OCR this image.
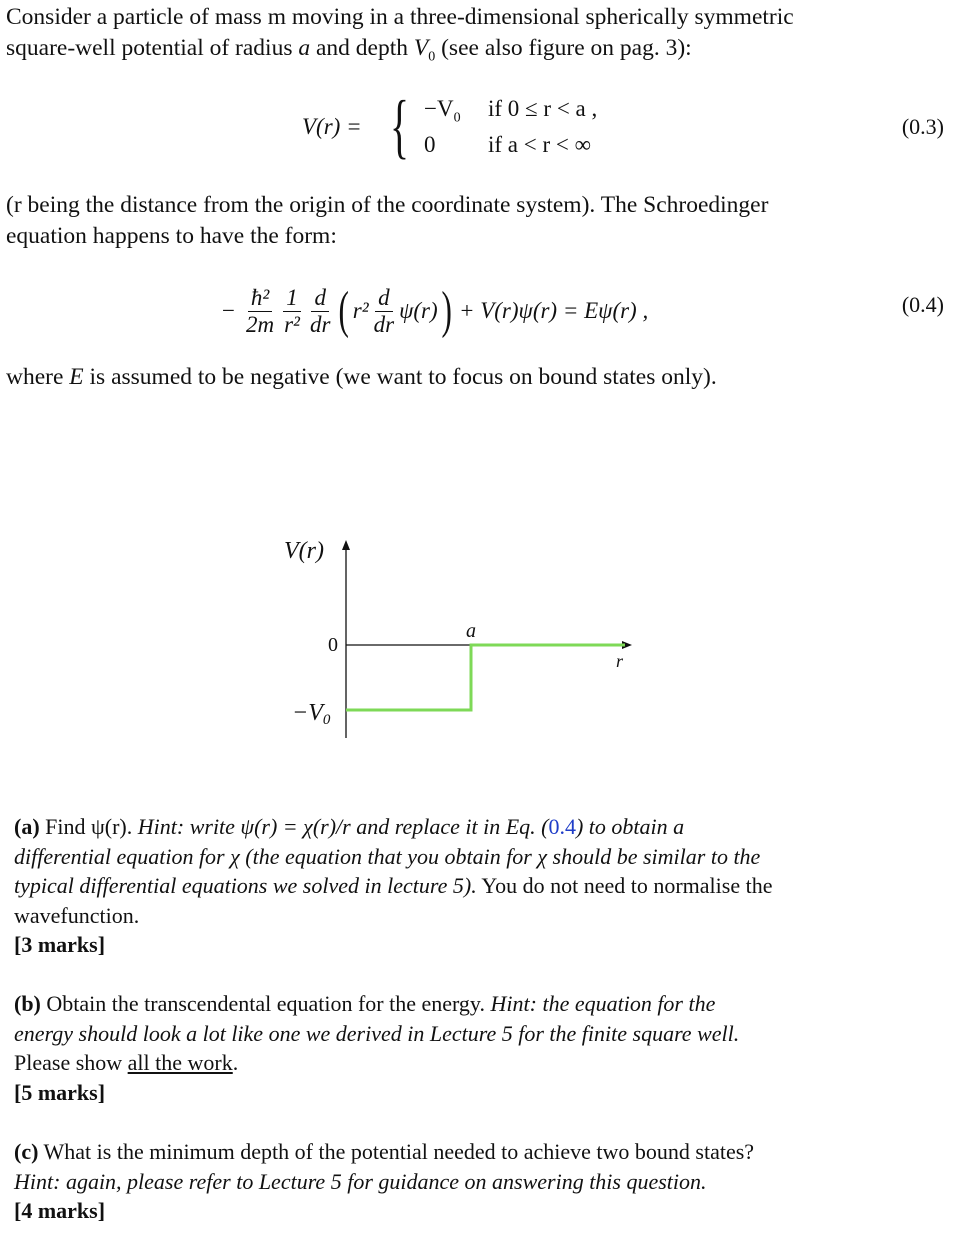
Consider a particle of mass m moving in a three-dimensional spherically symmetric
square-well potential of radius a and depth $V_0$ (see also figure on pag. 3):
V(r) = { $-V_0$ if 0 ≤ r < a ,
0 if a < r < ∞
(0.3)
(r being the distance from the origin of the coordinate system). The Schroedinger
equation happens to have the form:
− $\frac{\text{ħ²}}{2m} \frac{1}{\text{r²}} \frac{d}{dr}$ ( $r^2 \frac{d}{dr} \psi(r)$ ) + V(r)ψ(r) = Eψ(r) ,	(0.4)
where E is assumed to be negative (we want to focus on bound states only).
V(r)
0
−V0
a
r
(a) Find ψ(r). Hint: write ψ(r) = χ(r)/r and replace it in Eq. (0.4) to obtain a
differential equation for χ (the equation that you obtain for χ should be similar to the
typical differential equations we solved in lecture 5). You do not need to normalise the
wavefunction.
[3 marks]
(b) Obtain the transcendental equation for the energy. Hint: the equation for the
energy should look a lot like one we derived in Lecture 5 for the finite square well.
Please show all the work.
[5 marks]
(c) What is the minimum depth of the potential needed to achieve two bound states?
Hint: again, please refer to Lecture 5 for guidance on answering this question.
[4 marks]
